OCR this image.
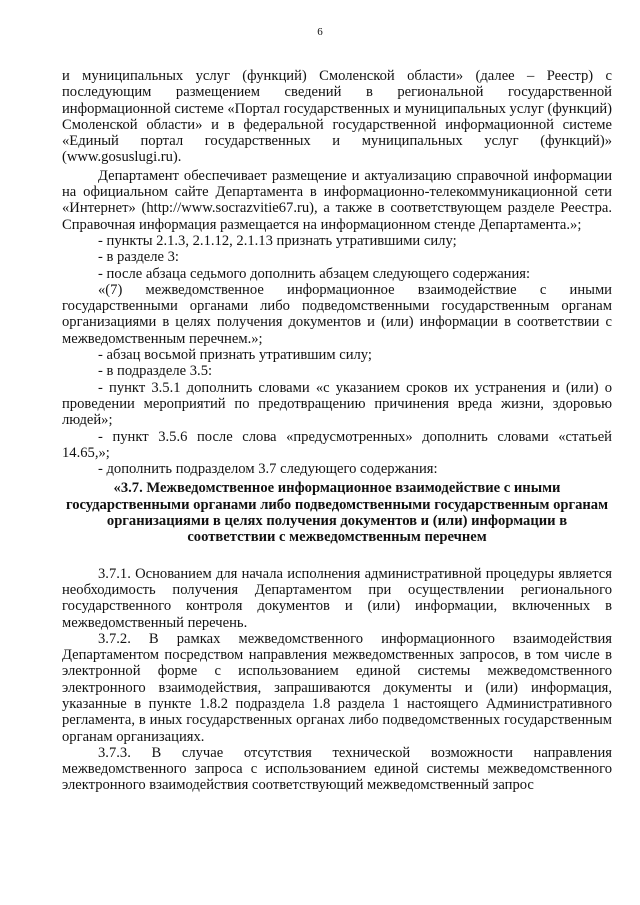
6

и муниципальных услуг (функций) Смоленской области» (далее – Реестр) с последующим размещением сведений в региональной государственной информационной системе «Портал государственных и муниципальных услуг (функций) Смоленской области» и в федеральной государственной информационной системе «Единый портал государственных и муниципальных услуг (функций)» (www.gosuslugi.ru).

Департамент обеспечивает размещение и актуализацию справочной информации на официальном сайте Департамента в информационно-телекоммуникационной сети «Интернет» (http://www.socrazvitie67.ru), а также в соответствующем разделе Реестра. Справочная информация размещается на информационном стенде Департамента.»;

- пункты 2.1.3, 2.1.12, 2.1.13 признать утратившими силу;

- в разделе 3:

- после абзаца седьмого дополнить абзацем следующего содержания:

«(7) межведомственное информационное взаимодействие с иными государственными органами либо подведомственными государственным органам организациями в целях получения документов и (или) информации в соответствии с межведомственным перечнем.»;

- абзац восьмой признать утратившим силу;

- в подразделе 3.5:

- пункт 3.5.1 дополнить словами «с указанием сроков их устранения и (или) о проведении мероприятий по предотвращению причинения вреда жизни, здоровью людей»;

- пункт 3.5.6 после слова «предусмотренных» дополнить словами «статьей 14.65,»;

- дополнить подразделом 3.7 следующего содержания:

«3.7. Межведомственное информационное взаимодействие с иными государственными органами либо подведомственными государственным органам организациями в целях получения документов и (или) информации в соответствии с межведомственным перечнем

3.7.1. Основанием для начала исполнения административной процедуры является необходимость получения Департаментом при осуществлении регионального государственного контроля документов и (или) информации, включенных в межведомственный перечень.

3.7.2. В рамках межведомственного информационного взаимодействия Департаментом посредством направления межведомственных запросов, в том числе в электронной форме с использованием единой системы межведомственного электронного взаимодействия, запрашиваются документы и (или) информация, указанные в пункте 1.8.2 подраздела 1.8 раздела 1 настоящего Административного регламента, в иных государственных органах либо подведомственных государственным органам организациях.

3.7.3. В случае отсутствия технической возможности направления межведомственного запроса с использованием единой системы межведомственного электронного взаимодействия соответствующий межведомственный запрос
